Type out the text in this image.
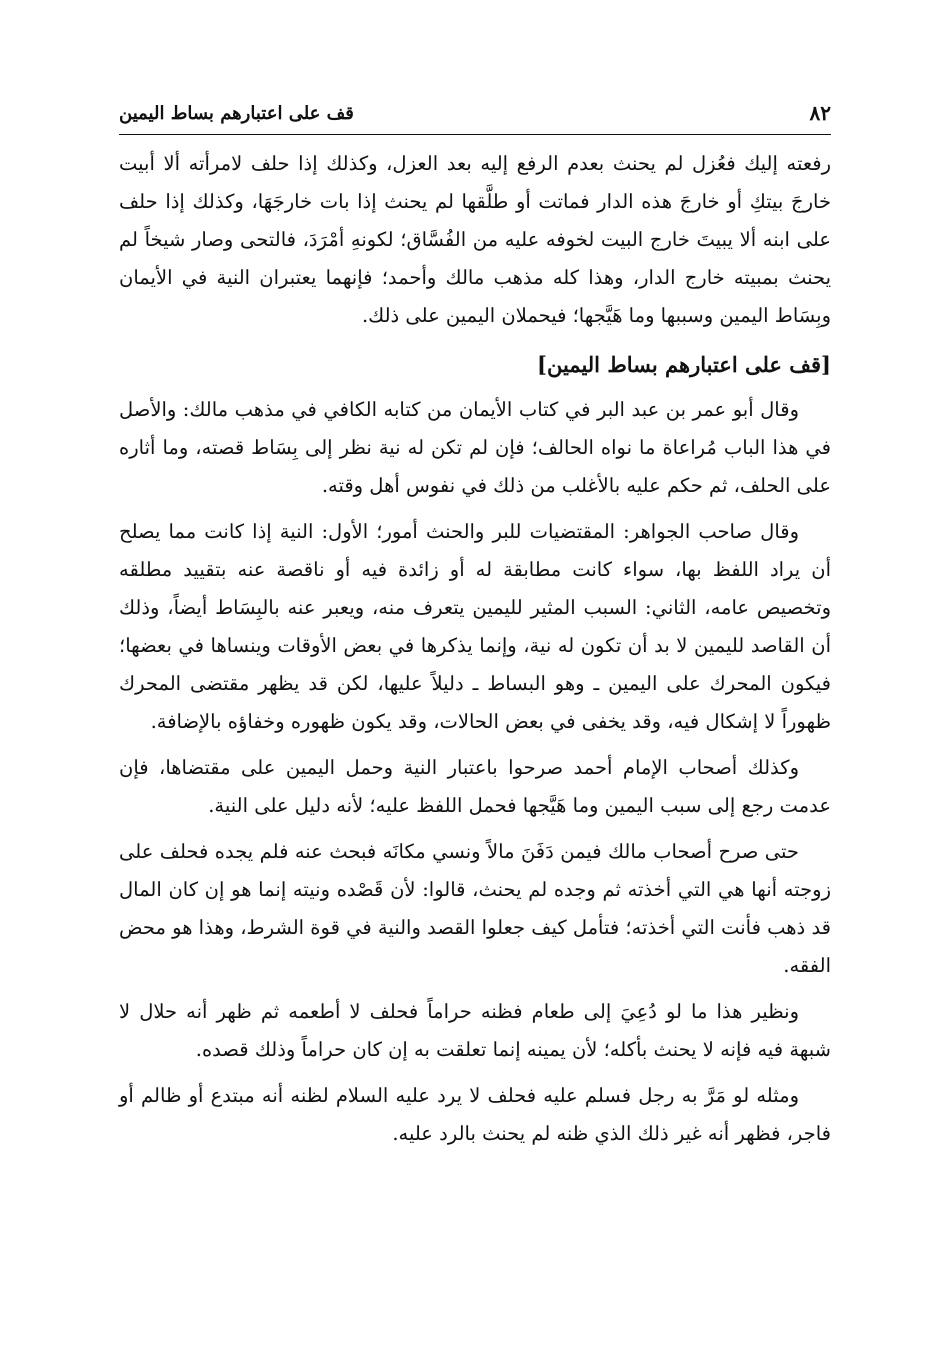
٨٢
قف على اعتبارهم بساط اليمين

رفعته إليك فعُزل لم يحنث بعدم الرفع إليه بعد العزل، وكذلك إذا حلف لامرأته ألا أبيت خارجَ بيتكِ أو خارجَ هذه الدار فماتت أو طلَّقها لم يحنث إذا بات خارجَهَا، وكذلك إذا حلف على ابنه ألا يبيتَ خارج البيت لخوفه عليه من الفُسَّاق؛ لكونهِ أمْرَدَ، فالتحى وصار شيخاً لم يحنث بمبيته خارج الدار، وهذا كله مذهب مالك وأحمد؛ فإنهما يعتبران النية في الأيمان وبِسَاط اليمين وسببها وما هَيَّجها؛ فيحملان اليمين على ذلك.

[قف على اعتبارهم بساط اليمين]

وقال أبو عمر بن عبد البر في كتاب الأيمان من كتابه الكافي في مذهب مالك: والأصل في هذا الباب مُراعاة ما نواه الحالف؛ فإن لم تكن له نية نظر إلى بِسَاط قصته، وما أثاره على الحلف، ثم حكم عليه بالأغلب من ذلك في نفوس أهل وقته.

وقال صاحب الجواهر: المقتضيات للبر والحنث أمور؛ الأول: النية إذا كانت مما يصلح أن يراد اللفظ بها، سواء كانت مطابقة له أو زائدة فيه أو ناقصة عنه بتقييد مطلقه وتخصيص عامه، الثاني: السبب المثير لليمين يتعرف منه، ويعبر عنه بالبِسَاط أيضاً، وذلك أن القاصد لليمين لا بد أن تكون له نية، وإنما يذكرها في بعض الأوقات وينساها في بعضها؛ فيكون المحرك على اليمين ـ وهو البساط ـ دليلاً عليها، لكن قد يظهر مقتضى المحرك ظهوراً لا إشكال فيه، وقد يخفى في بعض الحالات، وقد يكون ظهوره وخفاؤه بالإضافة.

وكذلك أصحاب الإمام أحمد صرحوا باعتبار النية وحمل اليمين على مقتضاها، فإن عدمت رجع إلى سبب اليمين وما هَيَّجها فحمل اللفظ عليه؛ لأنه دليل على النية.

حتى صرح أصحاب مالك فيمن دَفَنَ مالاً ونسي مكانَه فبحث عنه فلم يجده فحلف على زوجته أنها هي التي أخذته ثم وجده لم يحنث، قالوا: لأن قَصْده ونيته إنما هو إن كان المال قد ذهب فأنت التي أخذته؛ فتأمل كيف جعلوا القصد والنية في قوة الشرط، وهذا هو محض الفقه.

ونظير هذا ما لو دُعِيَ إلى طعام فظنه حراماً فحلف لا أطعمه ثم ظهر أنه حلال لا شبهة فيه فإنه لا يحنث بأكله؛ لأن يمينه إنما تعلقت به إن كان حراماً وذلك قصده.

ومثله لو مَرَّ به رجل فسلم عليه فحلف لا يرد عليه السلام لظنه أنه مبتدع أو ظالم أو فاجر، فظهر أنه غير ذلك الذي ظنه لم يحنث بالرد عليه.
